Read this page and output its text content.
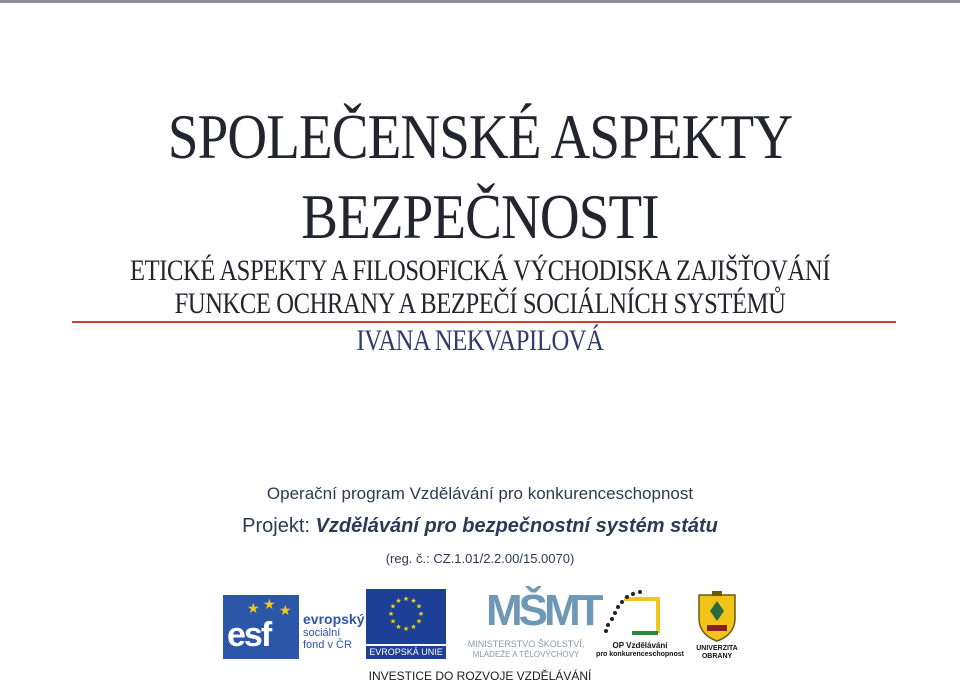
SPOLEČENSKÉ ASPEKTY
BEZPEČNOSTI
ETICKÉ ASPEKTY A FILOSOFICKÁ VÝCHODISKA ZAJIŠŤOVÁNÍ
FUNKCE OCHRANY A BEZPEČÍ SOCIÁLNÍCH SYSTÉMŮ
IVANA NEKVAPILOVÁ
Operační program Vzdělávání pro konkurenceschopnost
Projekt: Vzdělávání pro bezpečnostní systém státu
(reg. č.: CZ.1.01/2.2.00/15.0070)
★ ★ ★
esf evropský
sociální
fond v ČR
★ ★
★
★
★
★
★
★
★
★
★
★
EVROPSKÁ UNIE
MŠMT
MINISTERSTVO ŠKOLSTVÍ,
MLÁDEŽE A TĚLOVÝCHOVY
OP Vzdělávání
pro konkurenceschopnost
UNIVERZITA
OBRANY
INVESTICE DO ROZVOJE VZDĚLÁVÁNÍ
